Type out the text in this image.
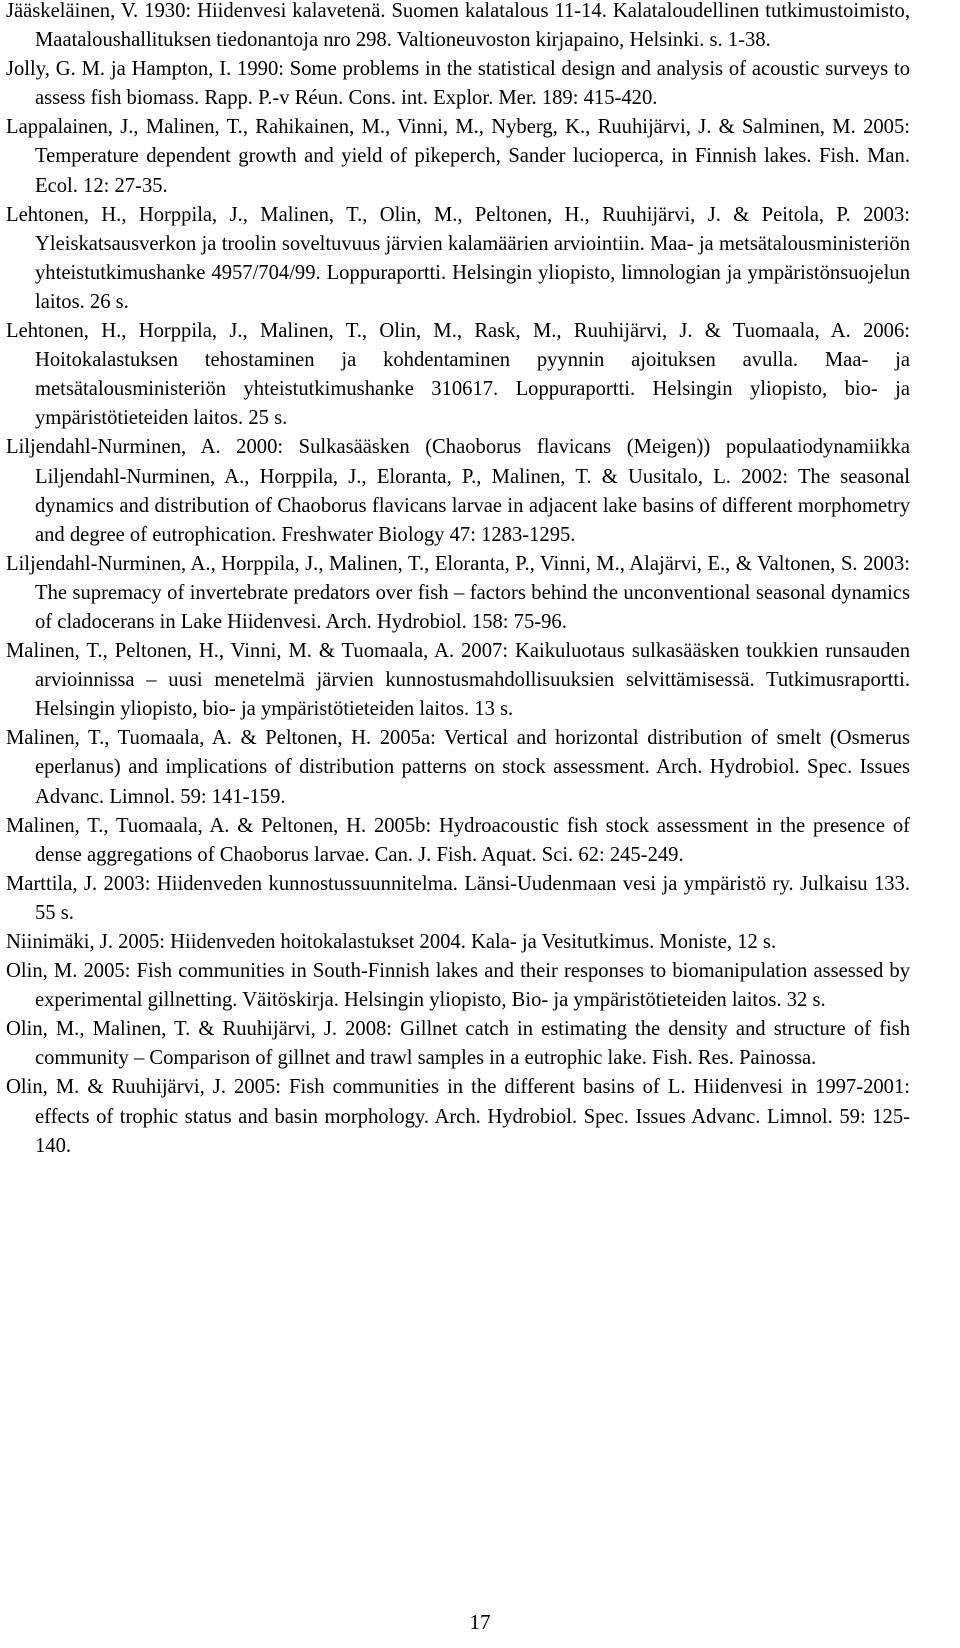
Jääskeläinen, V. 1930: Hiidenvesi kalavetenä. Suomen kalatalous 11-14. Kalataloudellinen tutkimustoimisto, Maataloushallituksen tiedonantoja nro 298. Valtioneuvoston kirjapaino, Helsinki. s. 1-38.

Jolly, G. M. ja Hampton, I. 1990: Some problems in the statistical design and analysis of acoustic surveys to assess fish biomass. Rapp. P.-v Réun. Cons. int. Explor. Mer. 189: 415-420.

Lappalainen, J., Malinen, T., Rahikainen, M., Vinni, M., Nyberg, K., Ruuhijärvi, J. & Salminen, M. 2005: Temperature dependent growth and yield of pikeperch, Sander lucioperca, in Finnish lakes. Fish. Man. Ecol. 12: 27-35.

Lehtonen, H., Horppila, J., Malinen, T., Olin, M., Peltonen, H., Ruuhijärvi, J. & Peitola, P. 2003: Yleiskatsausverkon ja troolin soveltuvuus järvien kalamäärien arviointiin. Maa- ja metsätalousministeriön yhteistutkimushanke 4957/704/99. Loppuraportti. Helsingin yliopisto, limnologian ja ympäristönsuojelun laitos. 26 s.

Lehtonen, H., Horppila, J., Malinen, T., Olin, M., Rask, M., Ruuhijärvi, J. & Tuomaala, A. 2006: Hoitokalastuksen tehostaminen ja kohdentaminen pyynnin ajoituksen avulla. Maa- ja metsätalousministeriön yhteistutkimushanke 310617. Loppuraportti. Helsingin yliopisto, bio- ja ympäristötieteiden laitos. 25 s.

Liljendahl-Nurminen, A. 2000: Sulkasääsken (Chaoborus flavicans (Meigen)) populaatiodynamiikka Liljendahl-Nurminen, A., Horppila, J., Eloranta, P., Malinen, T. & Uusitalo, L. 2002: The seasonal dynamics and distribution of Chaoborus flavicans larvae in adjacent lake basins of different morphometry and degree of eutrophication. Freshwater Biology 47: 1283-1295.

Liljendahl-Nurminen, A., Horppila, J., Malinen, T., Eloranta, P., Vinni, M., Alajärvi, E., & Valtonen, S. 2003: The supremacy of invertebrate predators over fish – factors behind the unconventional seasonal dynamics of cladocerans in Lake Hiidenvesi. Arch. Hydrobiol. 158: 75-96.

Malinen, T., Peltonen, H., Vinni, M. & Tuomaala, A. 2007: Kaikuluotaus sulkasääsken toukkien runsauden arvioinnissa – uusi menetelmä järvien kunnostusmahdollisuuksien selvittämisessä. Tutkimusraportti. Helsingin yliopisto, bio- ja ympäristötieteiden laitos. 13 s.

Malinen, T., Tuomaala, A. & Peltonen, H. 2005a: Vertical and horizontal distribution of smelt (Osmerus eperlanus) and implications of distribution patterns on stock assessment. Arch. Hydrobiol. Spec. Issues Advanc. Limnol. 59: 141-159.

Malinen, T., Tuomaala, A. & Peltonen, H. 2005b: Hydroacoustic fish stock assessment in the presence of dense aggregations of Chaoborus larvae. Can. J. Fish. Aquat. Sci. 62: 245-249.

Marttila, J. 2003: Hiidenveden kunnostussuunnitelma. Länsi-Uudenmaan vesi ja ympäristö ry. Julkaisu 133. 55 s.

Niinimäki, J. 2005: Hiidenveden hoitokalastukset 2004. Kala- ja Vesitutkimus. Moniste, 12 s.

Olin, M. 2005: Fish communities in South-Finnish lakes and their responses to biomanipulation assessed by experimental gillnetting. Väitöskirja. Helsingin yliopisto, Bio- ja ympäristötieteiden laitos. 32 s.

Olin, M., Malinen, T. & Ruuhijärvi, J. 2008: Gillnet catch in estimating the density and structure of fish community – Comparison of gillnet and trawl samples in a eutrophic lake. Fish. Res. Painossa.

Olin, M. & Ruuhijärvi, J. 2005: Fish communities in the different basins of L. Hiidenvesi in 1997-2001: effects of trophic status and basin morphology. Arch. Hydrobiol. Spec. Issues Advanc. Limnol. 59: 125-140.

17
